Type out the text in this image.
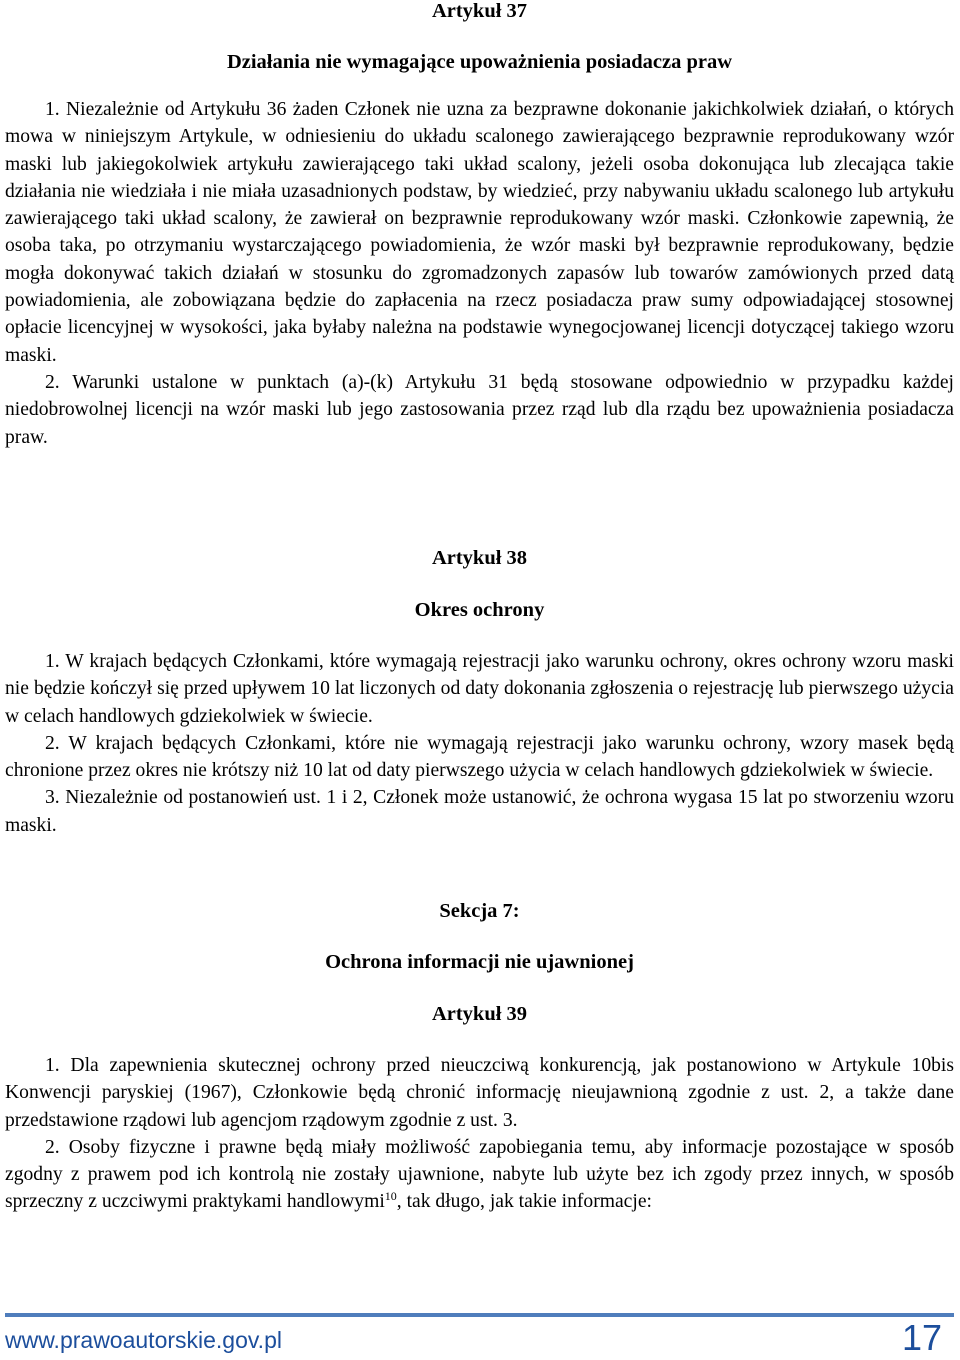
Artykuł 37
Działania nie wymagające upoważnienia posiadacza praw

1. Niezależnie od Artykułu 36 żaden Członek nie uzna za bezprawne dokonanie jakichkolwiek działań, o których mowa w niniejszym Artykule, w odniesieniu do układu scalonego zawierającego bezprawnie reprodukowany wzór maski lub jakiegokolwiek artykułu zawierającego taki układ scalony, jeżeli osoba dokonująca lub zlecająca takie działania nie wiedziała i nie miała uzasadnionych podstaw, by wiedzieć, przy nabywaniu układu scalonego lub artykułu zawierającego taki układ scalony, że zawierał on bezprawnie reprodukowany wzór maski. Członkowie zapewnią, że osoba taka, po otrzymaniu wystarczającego powiadomienia, że wzór maski był bezprawnie reprodukowany, będzie mogła dokonywać takich działań w stosunku do zgromadzonych zapasów lub towarów zamówionych przed datą powiadomienia, ale zobowiązana będzie do zapłacenia na rzecz posiadacza praw sumy odpowiadającej stosownej opłacie licencyjnej w wysokości, jaka byłaby należna na podstawie wynegocjowanej licencji dotyczącej takiego wzoru maski.

2. Warunki ustalone w punktach (a)-(k) Artykułu 31 będą stosowane odpowiednio w przypadku każdej niedobrowolnej licencji na wzór maski lub jego zastosowania przez rząd lub dla rządu bez upoważnienia posiadacza praw.

Artykuł 38
Okres ochrony

1. W krajach będących Członkami, które wymagają rejestracji jako warunku ochrony, okres ochrony wzoru maski nie będzie kończył się przed upływem 10 lat liczonych od daty dokonania zgłoszenia o rejestrację lub pierwszego użycia w celach handlowych gdziekolwiek w świecie.

2. W krajach będących Członkami, które nie wymagają rejestracji jako warunku ochrony, wzory masek będą chronione przez okres nie krótszy niż 10 lat od daty pierwszego użycia w celach handlowych gdziekolwiek w świecie.

3. Niezależnie od postanowień ust. 1 i 2, Członek może ustanowić, że ochrona wygasa 15 lat po stworzeniu wzoru maski.

Sekcja 7:
Ochrona informacji nie ujawnionej
Artykuł 39

1. Dla zapewnienia skutecznej ochrony przed nieuczciwą konkurencją, jak postanowiono w Artykule 10bis Konwencji paryskiej (1967), Członkowie będą chronić informację nieujawnioną zgodnie z ust. 2, a także dane przedstawione rządowi lub agencjom rządowym zgodnie z ust. 3.

2. Osoby fizyczne i prawne będą miały możliwość zapobiegania temu, aby informacje pozostające w sposób zgodny z prawem pod ich kontrolą nie zostały ujawnione, nabyte lub użyte bez ich zgody przez innych, w sposób sprzeczny z uczciwymi praktykami handlowymi$^{10}$, tak długo, jak takie informacje:

www.prawoautorskie.gov.pl	17
